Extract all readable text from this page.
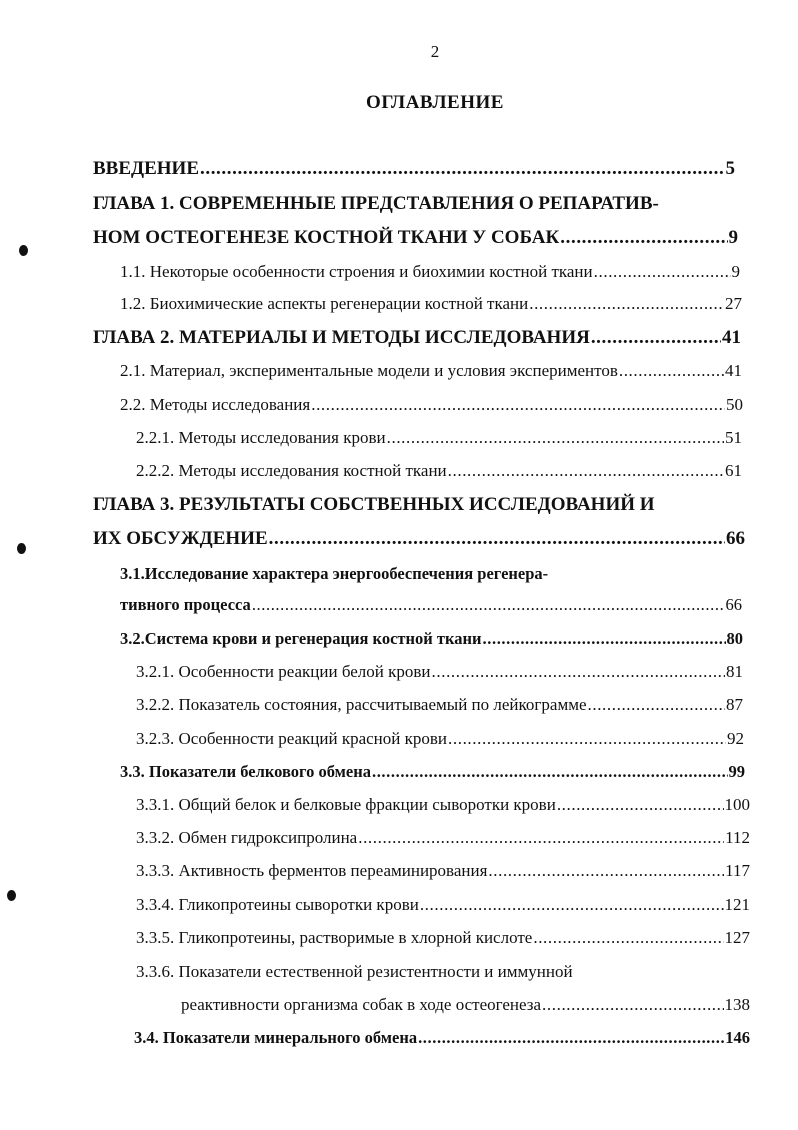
2
ОГЛАВЛЕНИЕ
ВВЕДЕНИЕ .....	5
ГЛАВА 1. СОВРЕМЕННЫЕ ПРЕДСТАВЛЕНИЯ О РЕПАРАТИВ-
НОМ ОСТЕОГЕНЕЗЕ КОСТНОЙ ТКАНИ У СОБАК .....	9
1.1. Некоторые особенности строения и биохимии костной ткани .....	9
1.2. Биохимические аспекты регенерации костной ткани .....	27
ГЛАВА 2. МАТЕРИАЛЫ И МЕТОДЫ ИССЛЕДОВАНИЯ .....	41
2.1. Материал, экспериментальные модели и условия экспериментов .....	41
2.2. Методы исследования .....	50
2.2.1. Методы исследования крови .....	51
2.2.2. Методы исследования костной ткани .....	61
ГЛАВА 3. РЕЗУЛЬТАТЫ СОБСТВЕННЫХ ИССЛЕДОВАНИЙ И
ИХ ОБСУЖДЕНИЕ .....	66
3.1.Исследование характера энергообеспечения регенера-
тивного процесса .....	66
3.2.Система крови и регенерация костной ткани .....	80
3.2.1. Особенности реакции белой крови .....	81
3.2.2. Показатель состояния, рассчитываемый по лейкограмме .....	87
3.2.3. Особенности реакций красной крови .....	92
3.3. Показатели белкового обмена .....	99
3.3.1. Общий белок и белковые фракции сыворотки крови .....	100
3.3.2. Обмен гидроксипролина .....	112
3.3.3. Активность ферментов переаминирования .....	117
3.3.4. Гликопротеины сыворотки крови .....	121
3.3.5. Гликопротеины, растворимые в хлорной кислоте .....	127
3.3.6. Показатели естественной резистентности и иммунной
реактивности организма собак в ходе остеогенеза .....	138
3.4. Показатели минерального обмена .....	146
